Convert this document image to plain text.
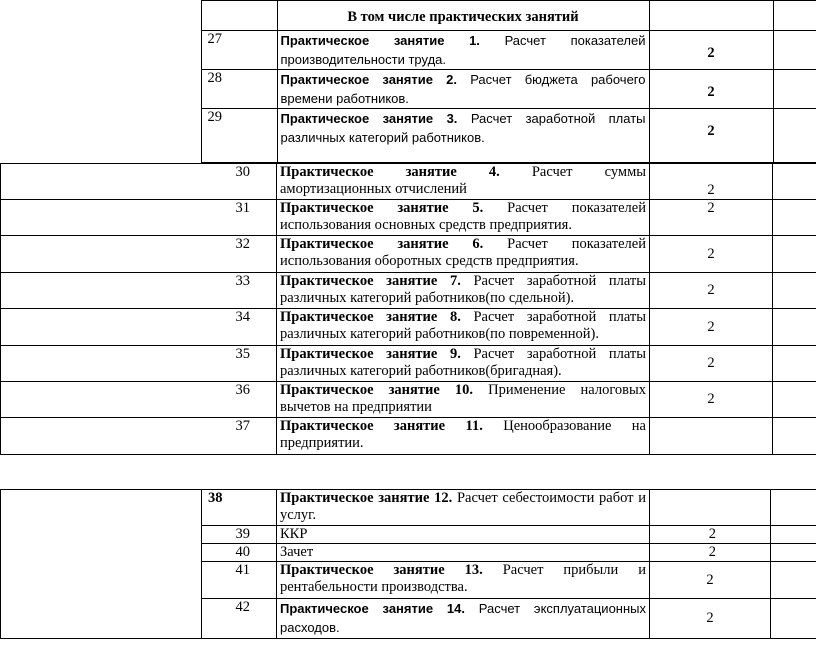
		В том числе практических занятий		
	27	Практическое занятие 1. Расчет показателей производительности труда.	2	
	28	Практическое занятие 2. Расчет бюджета рабочего времени работников.	2	
	29	Практическое занятие 3. Расчет заработной платы различных категорий работников.	2	
30	Практическое занятие 4. Расчет суммы амортизационных отчислений	2	
31	Практическое занятие 5. Расчет показателей использования основных средств предприятия.	2	
32	Практическое занятие 6. Расчет показателей использования оборотных средств предприятия.	2	
33	Практическое занятие 7. Расчет заработной платы различных категорий работников(по сдельной).	2	
34	Практическое занятие 8. Расчет заработной платы различных категорий работников(по повременной).	2	
35	Практическое занятие 9. Расчет заработной платы различных категорий работников(бригадная).	2	
36	Практическое занятие 10. Применение налоговых вычетов на предприятии	2	
37	Практическое занятие 11. Ценообразование на предприятии.		
	38	Практическое занятие 12. Расчет себестоимости работ и услуг.		
	39	ККР	2	
	40	Зачет	2	
	41	Практическое занятие 13. Расчет прибыли и рентабельности производства.	2	
	42	Практическое занятие 14. Расчет эксплуатационных расходов.	2	
